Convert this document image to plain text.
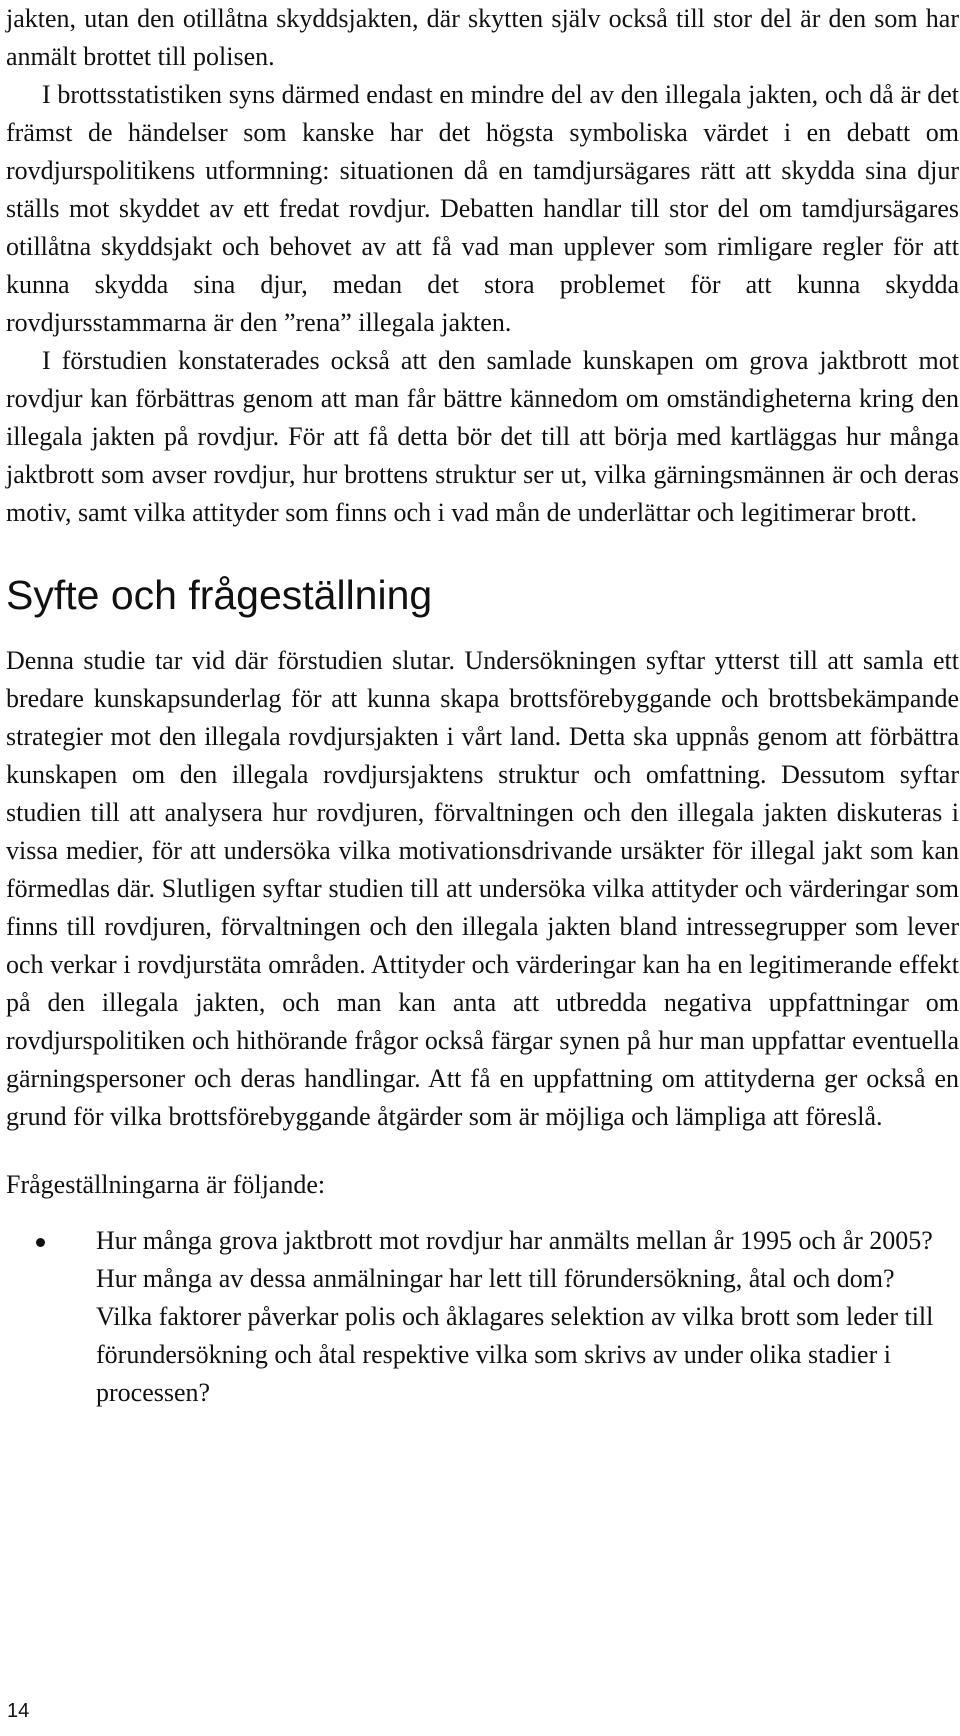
jakten, utan den otillåtna skyddsjakten, där skytten själv också till stor del är den som har anmält brottet till polisen.

I brottsstatistiken syns därmed endast en mindre del av den illegala jakten, och då är det främst de händelser som kanske har det högsta symboliska värdet i en debatt om rovdjurspolitikens utformning: situationen då en tamdjursägares rätt att skydda sina djur ställs mot skyddet av ett fredat rovdjur. Debatten handlar till stor del om tamdjursägares otillåtna skyddsjakt och behovet av att få vad man upplever som rimligare regler för att kunna skydda sina djur, medan det stora problemet för att kunna skydda rovdjursstammarna är den ”rena” illegala jakten.

I förstudien konstaterades också att den samlade kunskapen om grova jaktbrott mot rovdjur kan förbättras genom att man får bättre kännedom om omständigheterna kring den illegala jakten på rovdjur. För att få detta bör det till att börja med kartläggas hur många jaktbrott som avser rovdjur, hur brottens struktur ser ut, vilka gärningsmännen är och deras motiv, samt vilka attityder som finns och i vad mån de underlättar och legitimerar brott.

Syfte och frågeställning

Denna studie tar vid där förstudien slutar. Undersökningen syftar ytterst till att samla ett bredare kunskapsunderlag för att kunna skapa brottsförebyggande och brottsbekämpande strategier mot den illegala rovdjursjakten i vårt land. Detta ska uppnås genom att förbättra kunskapen om den illegala rovdjursjaktens struktur och omfattning. Dessutom syftar studien till att analysera hur rovdjuren, förvaltningen och den illegala jakten diskuteras i vissa medier, för att undersöka vilka motivationsdrivande ursäkter för illegal jakt som kan förmedlas där. Slutligen syftar studien till att undersöka vilka attityder och värderingar som finns till rovdjuren, förvaltningen och den illegala jakten bland intressegrupper som lever och verkar i rovdjurstäta områden. Attityder och värderingar kan ha en legitimerande effekt på den illegala jakten, och man kan anta att utbredda negativa uppfattningar om rovdjurspolitiken och hithörande frågor också färgar synen på hur man uppfattar eventuella gärningspersoner och deras handlingar. Att få en uppfattning om attityderna ger också en grund för vilka brottsförebyggande åtgärder som är möjliga och lämpliga att föreslå.

Frågeställningarna är följande:

Hur många grova jaktbrott mot rovdjur har anmälts mellan år 1995 och år 2005? Hur många av dessa anmälningar har lett till förundersökning, åtal och dom? Vilka faktorer påverkar polis och åklagares selektion av vilka brott som leder till förundersökning och åtal respektive vilka som skrivs av under olika stadier i processen?
14
